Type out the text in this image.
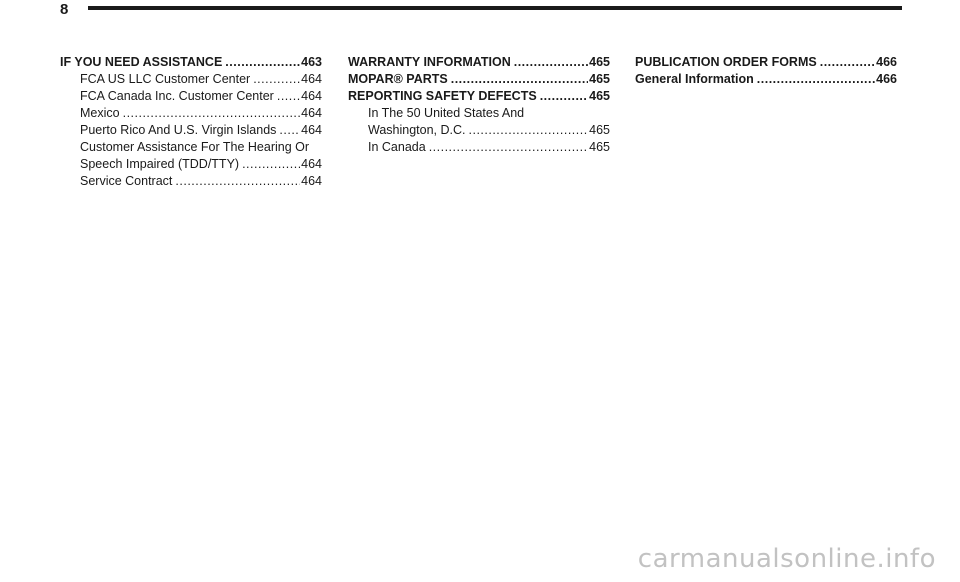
8
IF YOU NEED ASSISTANCE .....	463
FCA US LLC Customer Center .....	464
FCA Canada Inc. Customer Center ..... 464
Mexico .....	464
Puerto Rico And U.S. Virgin Islands ..... 464
Customer Assistance For The Hearing Or
Speech Impaired (TDD/TTY) .....	464
Service Contract .....	464
WARRANTY INFORMATION .....	465
MOPAR® PARTS .....	465
REPORTING SAFETY DEFECTS .....	465
In The 50 United States And
Washington, D.C. .....	465
In Canada .....	465
PUBLICATION ORDER FORMS .....	466
General Information .....	466
carmanualsonline.info
